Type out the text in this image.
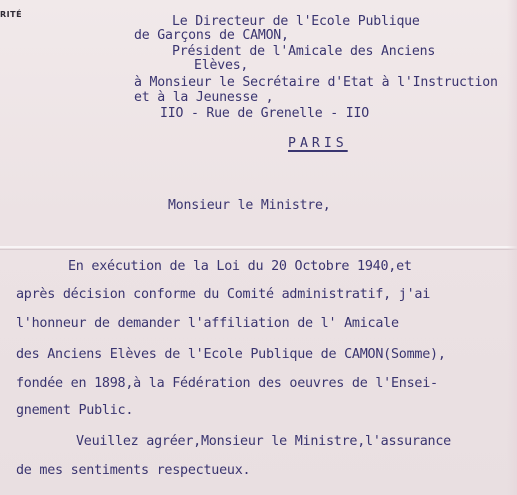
RITÉ	Le Directeur de l'Ecole Publique
de Garçons de CAMON,
Président de l'Amicale des Anciens
Elèves,
à Monsieur le Secrétaire d'Etat à l'Instruction
et à la Jeunesse ,
IIO - Rue de Grenelle - IIO
PARIS
Monsieur le Ministre,
En exécution de la Loi du 20 Octobre 1940,et
après décision conforme du Comité administratif, j'ai
l'honneur de demander l'affiliation de l' Amicale
des Anciens Elèves de l'Ecole Publique de CAMON(Somme),
fondée en 1898,à la Fédération des oeuvres de l'Ensei-
gnement Public.
Veuillez agréer,Monsieur le Ministre,l'assurance
de mes sentiments respectueux.
